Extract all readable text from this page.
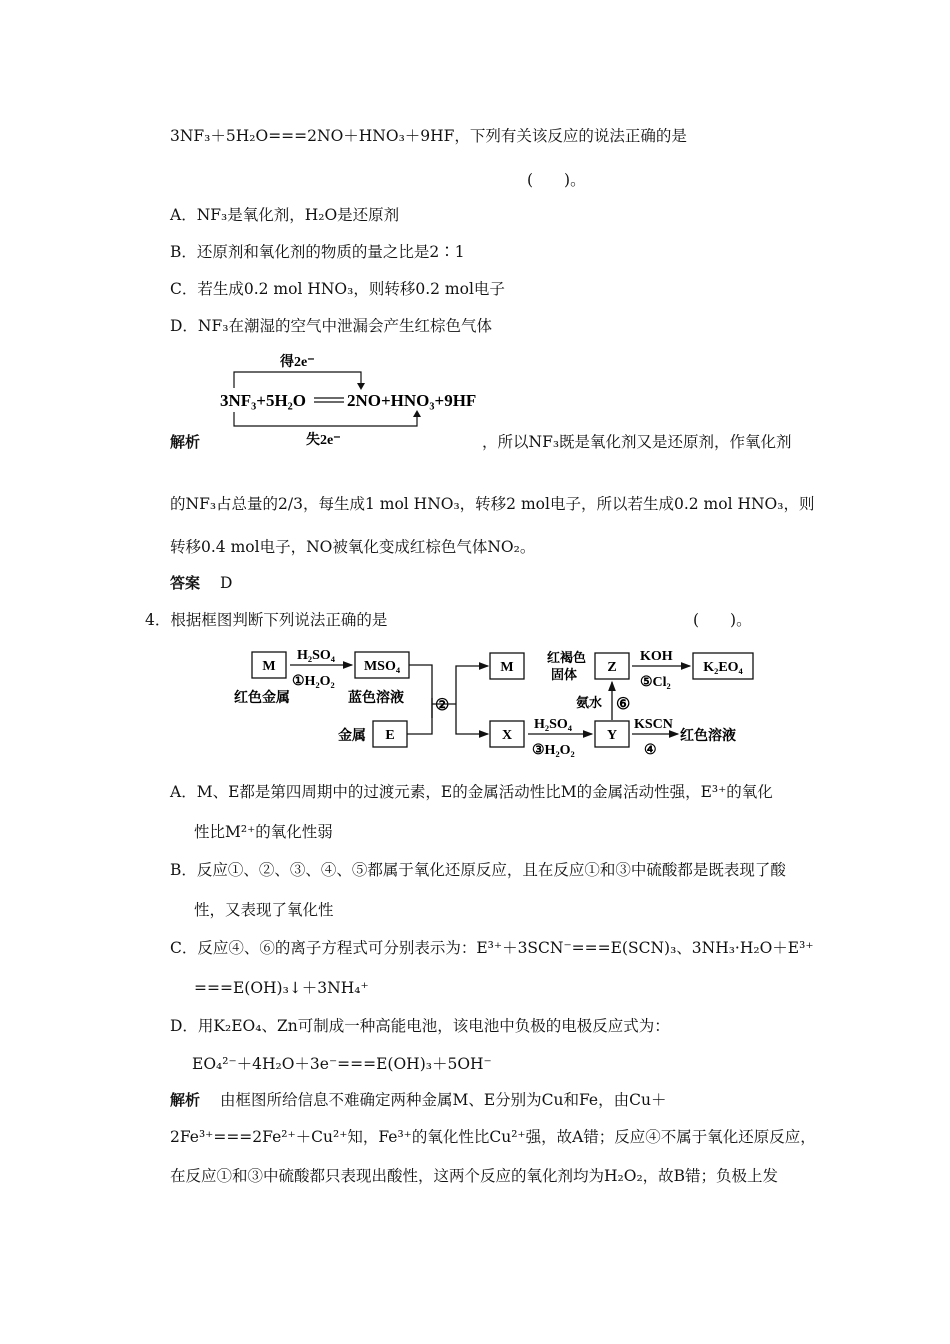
3NF₃＋5H₂O===2NO＋HNO₃＋9HF，下列有关该反应的说法正确的是
(　　)。
A．NF₃是氧化剂，H₂O是还原剂
B．还原剂和氧化剂的物质的量之比是2∶1
C．若生成0.2 mol HNO₃，则转移0.2 mol电子
D．NF₃在潮湿的空气中泄漏会产生红棕色气体
得2e⁻
3NF₃+5H₂O 2NO+HNO₃+9HF
失2e⁻
解析	，所以NF₃既是氧化剂又是还原剂，作氧化剂
的NF₃占总量的2/3，每生成1 mol HNO₃，转移2 mol电子，所以若生成0.2 mol HNO₃，则
转移0.4 mol电子，NO被氧化变成红棕色气体NO₂。
答案 D
4．根据框图判断下列说法正确的是	(　　)。
M
红色金属
H₂SO₄
①H₂O₂
MSO₄
蓝色溶液
金属 E
②
M
X
H₂SO₄
③H₂O₂
Y
KSCN
④
红色溶液
氨水 ⑥
红褐色
固体 Z
KOH
⑤Cl₂
K₂EO₄
A．M、E都是第四周期中的过渡元素，E的金属活动性比M的金属活动性强，E³⁺的氧化
性比M²⁺的氧化性弱
B．反应①、②、③、④、⑤都属于氧化还原反应，且在反应①和③中硫酸都是既表现了酸
性，又表现了氧化性
C．反应④、⑥的离子方程式可分别表示为：E³⁺＋3SCN⁻===E(SCN)₃、3NH₃·H₂O＋E³⁺
===E(OH)₃↓＋3NH₄⁺
D．用K₂EO₄、Zn可制成一种高能电池，该电池中负极的电极反应式为：
EO₄²⁻＋4H₂O＋3e⁻===E(OH)₃＋5OH⁻
解析 由框图所给信息不难确定两种金属M、E分别为Cu和Fe，由Cu＋
2Fe³⁺===2Fe²⁺＋Cu²⁺知，Fe³⁺的氧化性比Cu²⁺强，故A错；反应④不属于氧化还原反应，
在反应①和③中硫酸都只表现出酸性，这两个反应的氧化剂均为H₂O₂，故B错；负极上发
